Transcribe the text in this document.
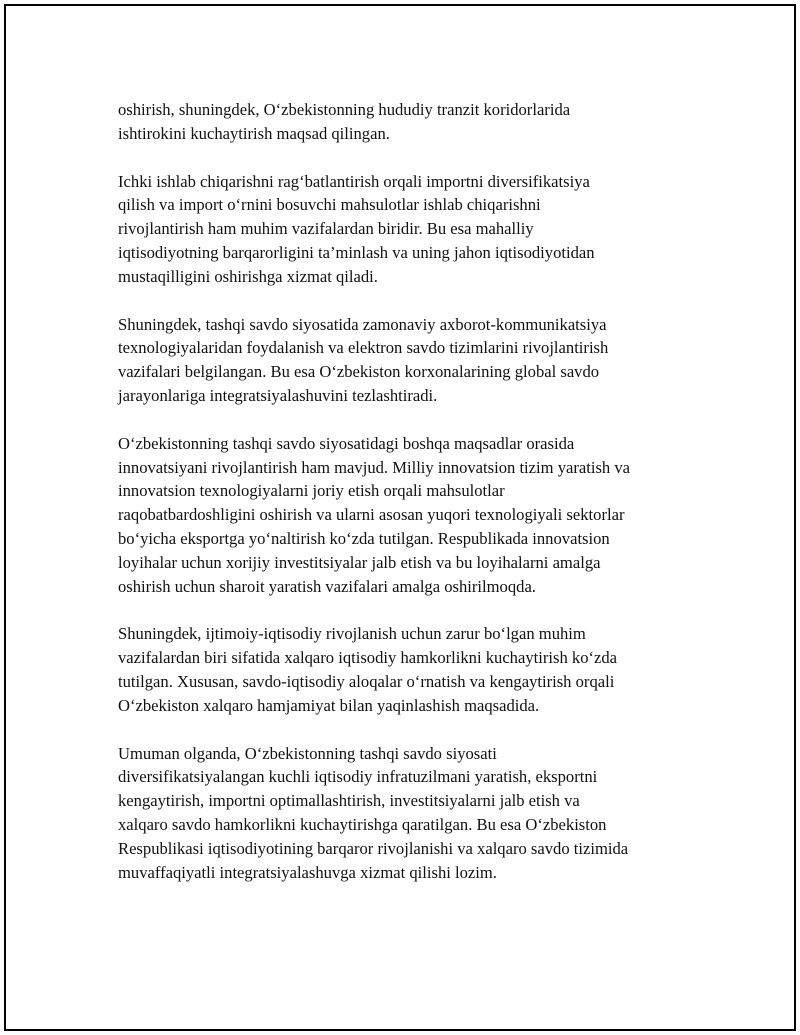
oshirish, shuningdek, O‘zbekistonning hududiy tranzit koridorlarida
ishtirokini kuchaytirish maqsad qilingan.

Ichki ishlab chiqarishni rag‘batlantirish orqali importni diversifikatsiya
qilish va import o‘rnini bosuvchi mahsulotlar ishlab chiqarishni
rivojlantirish ham muhim vazifalardan biridir. Bu esa mahalliy
iqtisodiyotning barqarorligini ta’minlash va uning jahon iqtisodiyotidan
mustaqilligini oshirishga xizmat qiladi.

Shuningdek, tashqi savdo siyosatida zamonaviy axborot-kommunikatsiya
texnologiyalaridan foydalanish va elektron savdo tizimlarini rivojlantirish
vazifalari belgilangan. Bu esa O‘zbekiston korxonalarining global savdo
jarayonlariga integratsiyalashuvini tezlashtiradi.

O‘zbekistonning tashqi savdo siyosatidagi boshqa maqsadlar orasida
innovatsiyani rivojlantirish ham mavjud. Milliy innovatsion tizim yaratish va
innovatsion texnologiyalarni joriy etish orqali mahsulotlar
raqobatbardoshligini oshirish va ularni asosan yuqori texnologiyali sektorlar
bo‘yicha eksportga yo‘naltirish ko‘zda tutilgan. Respublikada innovatsion
loyihalar uchun xorijiy investitsiyalar jalb etish va bu loyihalarni amalga
oshirish uchun sharoit yaratish vazifalari amalga oshirilmoqda.

Shuningdek, ijtimoiy-iqtisodiy rivojlanish uchun zarur bo‘lgan muhim
vazifalardan biri sifatida xalqaro iqtisodiy hamkorlikni kuchaytirish ko‘zda
tutilgan. Xususan, savdo-iqtisodiy aloqalar o‘rnatish va kengaytirish orqali
O‘zbekiston xalqaro hamjamiyat bilan yaqinlashish maqsadida.

Umuman olganda, O‘zbekistonning tashqi savdo siyosati
diversifikatsiyalangan kuchli iqtisodiy infratuzilmani yaratish, eksportni
kengaytirish, importni optimallashtirish, investitsiyalarni jalb etish va
xalqaro savdo hamkorlikni kuchaytirishga qaratilgan. Bu esa O‘zbekiston
Respublikasi iqtisodiyotining barqaror rivojlanishi va xalqaro savdo tizimida
muvaffaqiyatli integratsiyalashuvga xizmat qilishi lozim.
